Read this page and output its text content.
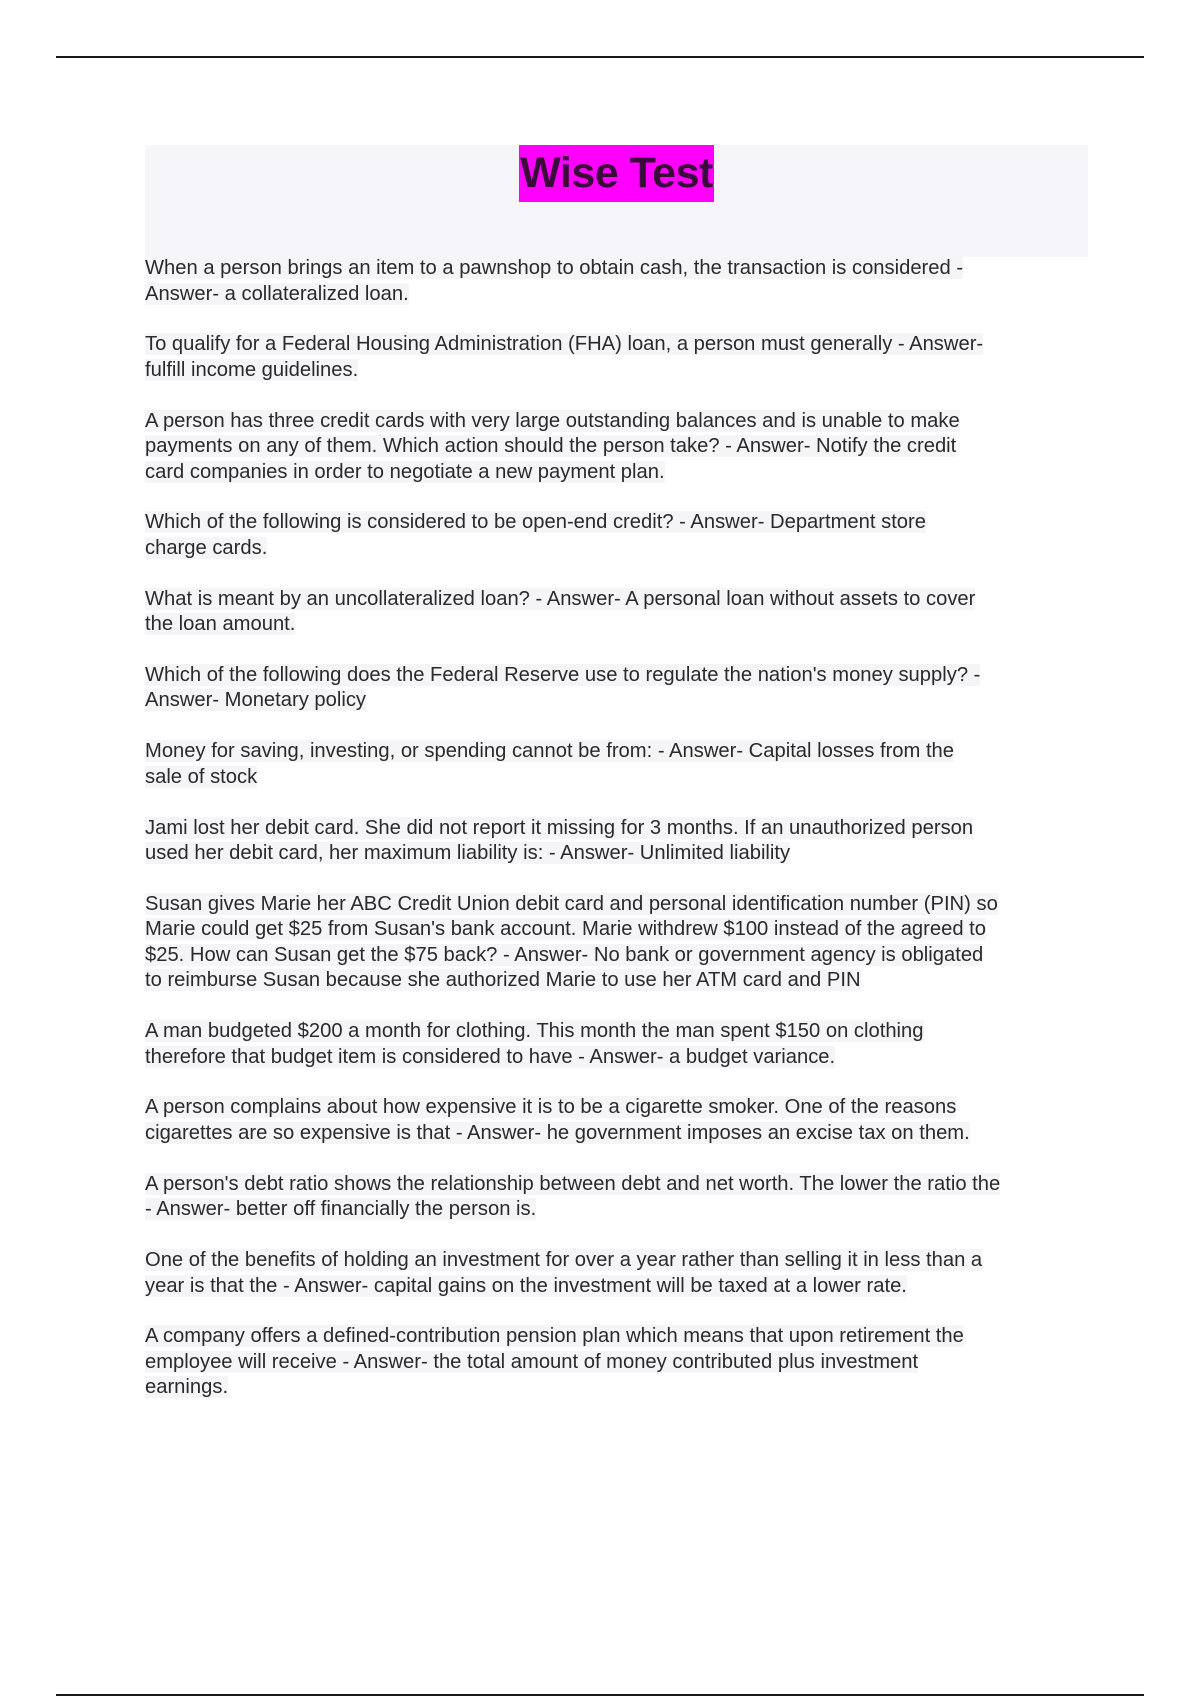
Wise Test
When a person brings an item to a pawnshop to obtain cash, the transaction is considered -
Answer- a collateralized loan.
To qualify for a Federal Housing Administration (FHA) loan, a person must generally - Answer-
fulfill income guidelines.
A person has three credit cards with very large outstanding balances and is unable to make
payments on any of them. Which action should the person take? - Answer- Notify the credit
card companies in order to negotiate a new payment plan.
Which of the following is considered to be open-end credit? - Answer- Department store
charge cards.
What is meant by an uncollateralized loan? - Answer- A personal loan without assets to cover
the loan amount.
Which of the following does the Federal Reserve use to regulate the nation's money supply? -
Answer- Monetary policy
Money for saving, investing, or spending cannot be from: - Answer- Capital losses from the
sale of stock
Jami lost her debit card. She did not report it missing for 3 months. If an unauthorized person
used her debit card, her maximum liability is: - Answer- Unlimited liability
Susan gives Marie her ABC Credit Union debit card and personal identification number (PIN) so
Marie could get $25 from Susan's bank account. Marie withdrew $100 instead of the agreed to
$25. How can Susan get the $75 back? - Answer- No bank or government agency is obligated
to reimburse Susan because she authorized Marie to use her ATM card and PIN
A man budgeted $200 a month for clothing. This month the man spent $150 on clothing
therefore that budget item is considered to have - Answer- a budget variance.
A person complains about how expensive it is to be a cigarette smoker. One of the reasons
cigarettes are so expensive is that - Answer- he government imposes an excise tax on them.
A person's debt ratio shows the relationship between debt and net worth. The lower the ratio the
- Answer- better off financially the person is.
One of the benefits of holding an investment for over a year rather than selling it in less than a
year is that the - Answer- capital gains on the investment will be taxed at a lower rate.
A company offers a defined-contribution pension plan which means that upon retirement the
employee will receive - Answer- the total amount of money contributed plus investment
earnings.
